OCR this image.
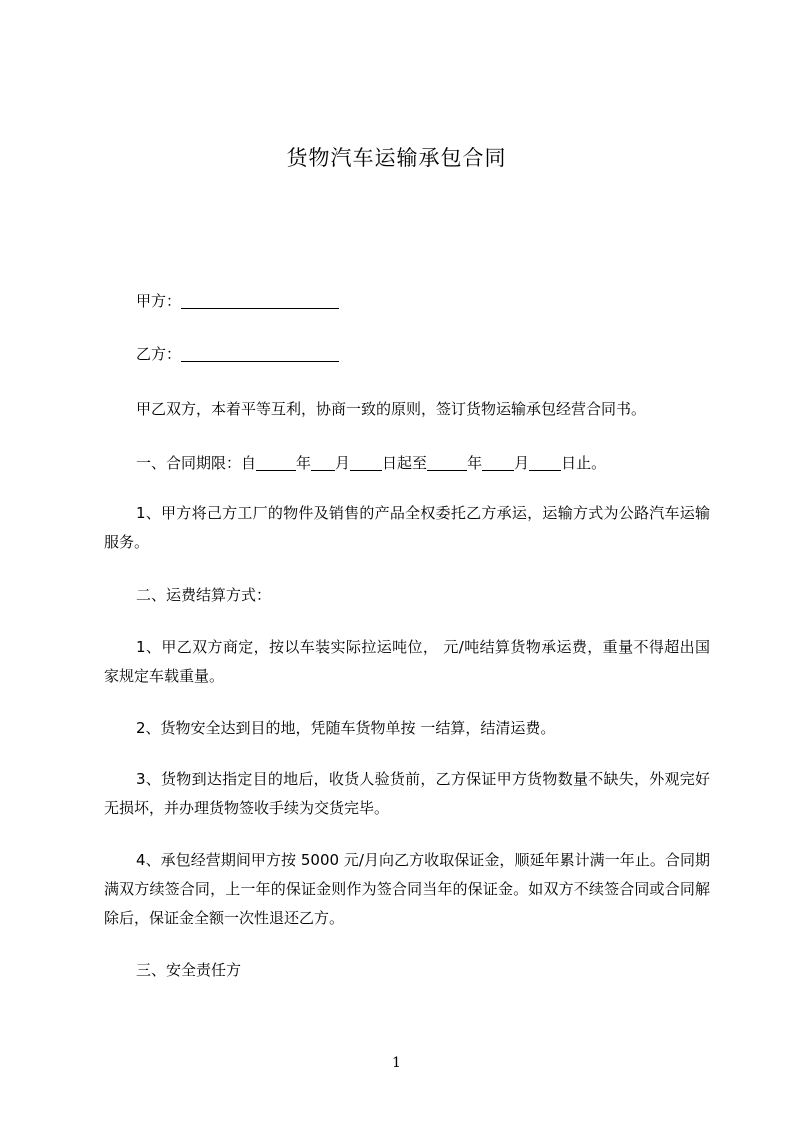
货物汽车运输承包合同
甲方：
乙方：
甲乙双方，本着平等互利，协商一致的原则，签订货物运输承包经营合同书。
一、合同期限：自	年 月 日起至	年 月 日止。
1、甲方将己方工厂的物件及销售的产品全权委托乙方承运，运输方式为公路汽车运输服务。
二、运费结算方式：
1、甲乙双方商定，按以车装实际拉运吨位， 元/吨结算货物承运费，重量不得超出国家规定车载重量。
2、货物安全达到目的地，凭随车货物单按 一结算，结清运费。
3、货物到达指定目的地后，收货人验货前，乙方保证甲方货物数量不缺失，外观完好无损坏，并办理货物签收手续为交货完毕。
4、承包经营期间甲方按 5000 元/月向乙方收取保证金，顺延年累计满一年止。合同期满双方续签合同，上一年的保证金则作为签合同当年的保证金。如双方不续签合同或合同解除后，保证金全额一次性退还乙方。
三、安全责任方
1
